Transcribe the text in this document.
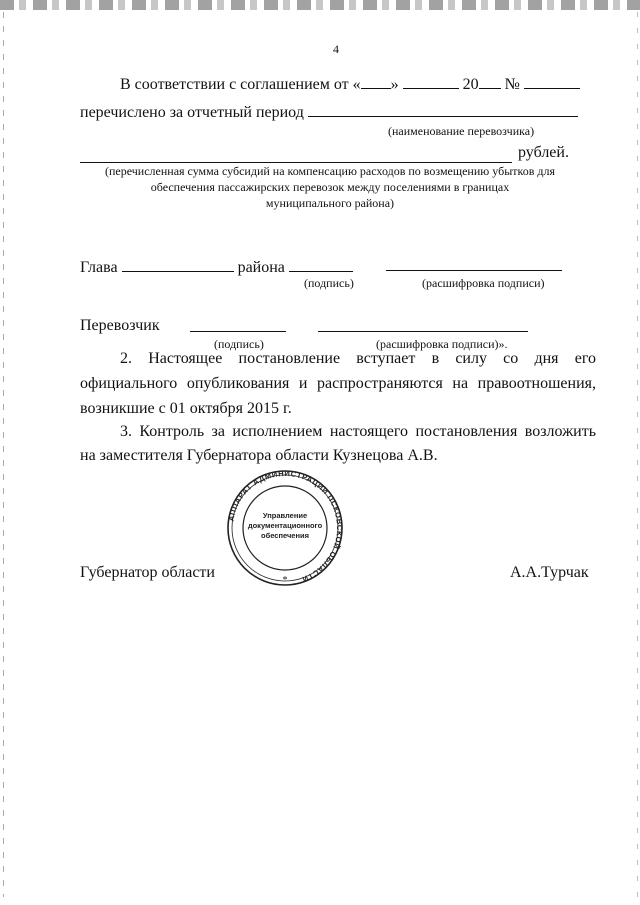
4
В соответствии с соглашением от « »	20 №
перечислено за отчетный период
(наименование перевозчика)
рублей.
(перечисленная сумма субсидий на компенсацию расходов по возмещению убытков для
обеспечения пассажирских перевозок между поселениями в границах
муниципального района)
Глава	района
(подпись)	(расшифровка подписи)
Перевозчик
(подпись)	(расшифровка подписи)».
2. Настоящее постановление вступает в силу со дня его
официального опубликования и распространяются на правоотношения,
возникшие с 01 октября 2015 г.
3. Контроль за исполнением настоящего постановления возложить
на заместителя Губернатора области Кузнецова А.В.
АППАРАТ АДМИНИСТРАЦИИ ПСКОВСКОЙ ОБЛАСТИ
Управление
документационного
обеспечения
*
Губернатор области	А.А.Турчак
